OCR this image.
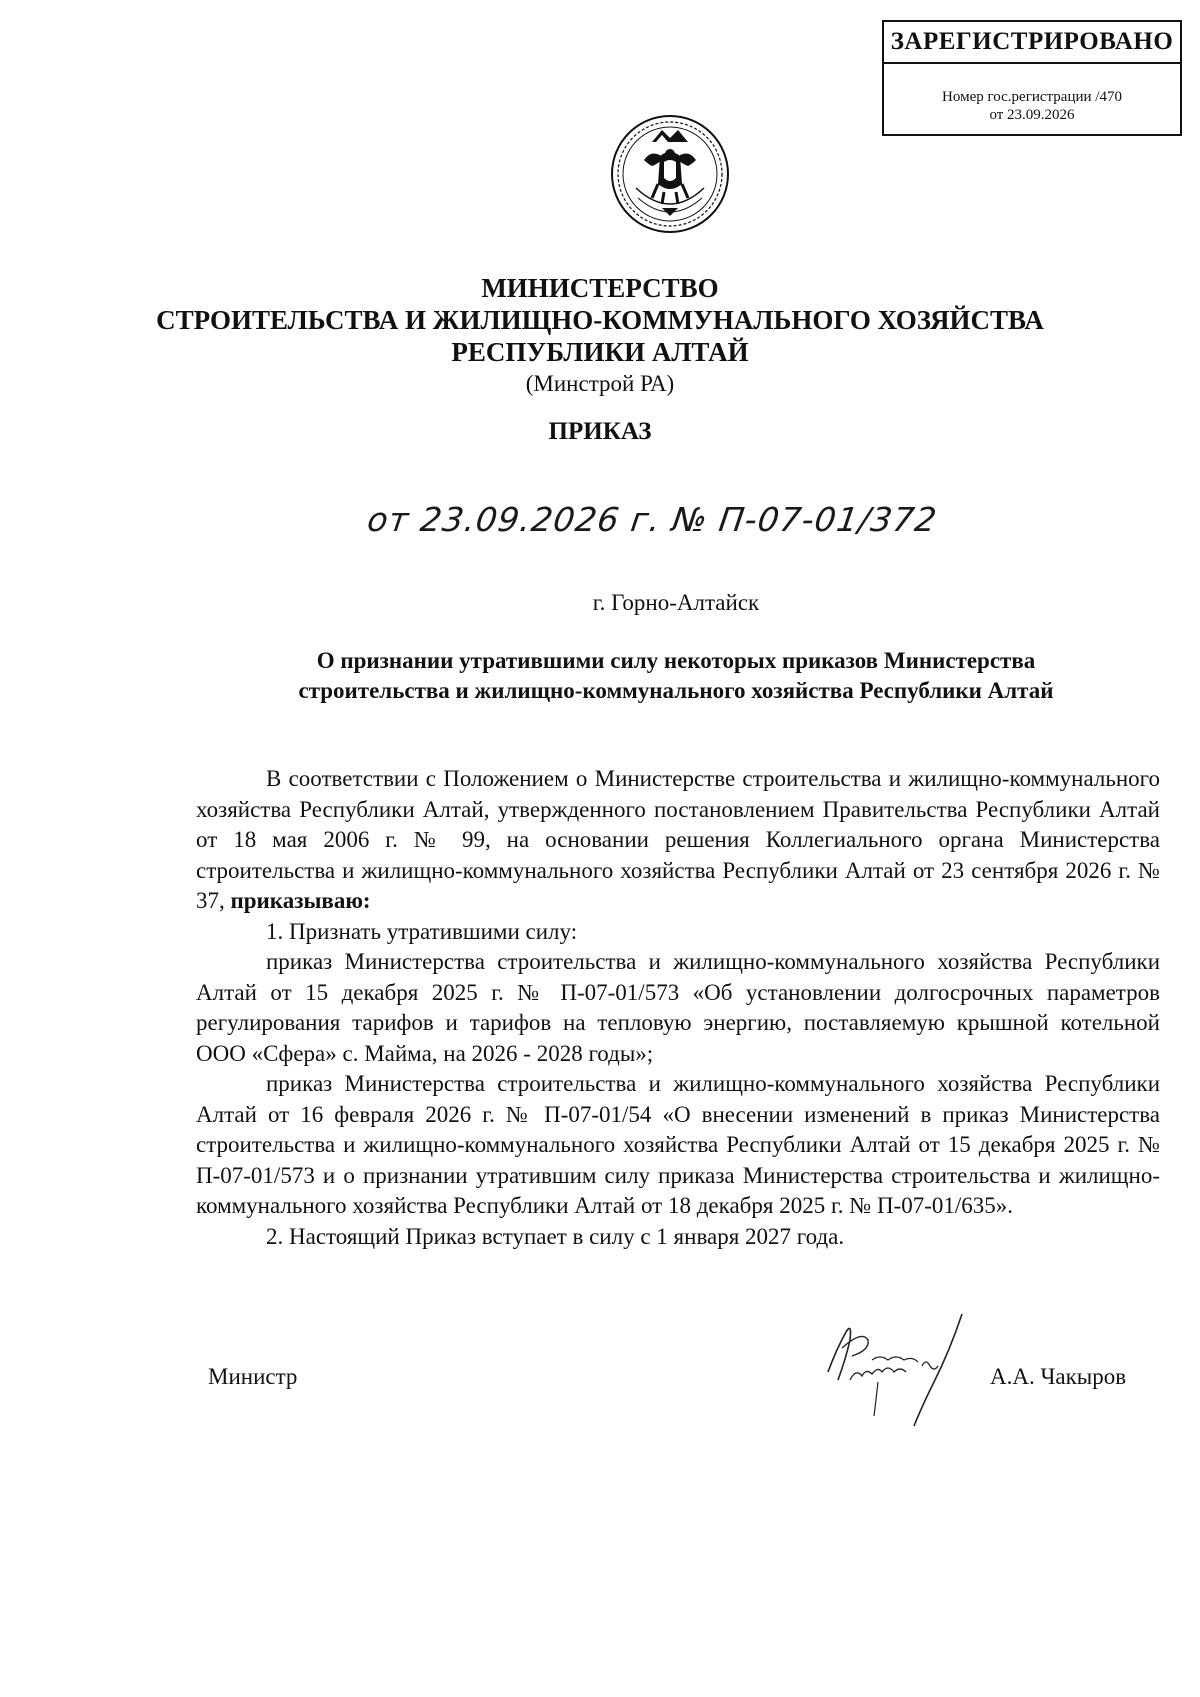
ЗАРЕГИСТРИРОВАНО
Номер гос.регистрации /470
от 23.09.2026
МИНИСТЕРСТВО
СТРОИТЕЛЬСТВА И ЖИЛИЩНО-КОММУНАЛЬНОГО ХОЗЯЙСТВА
РЕСПУБЛИКИ АЛТАЙ
(Минстрой РА)
ПРИКАЗ
от 23.09.2026 г. № П-07-01/372
г. Горно-Алтайск
О признании утратившими силу некоторых приказов Министерства
строительства и жилищно-коммунального хозяйства Республики Алтай

В соответствии с Положением о Министерстве строительства и жилищно-коммунального хозяйства Республики Алтай, утвержденного постановлением Правительства Республики Алтай от 18 мая 2006 г. № 99, на основании решения Коллегиального органа Министерства строительства и жилищно-коммунального хозяйства Республики Алтай от 23 сентября 2026 г. № 37, приказываю:

1. Признать утратившими силу:

приказ Министерства строительства и жилищно-коммунального хозяйства Республики Алтай от 15 декабря 2025 г. № П-07-01/573 «Об установлении долгосрочных параметров регулирования тарифов и тарифов на тепловую энергию, поставляемую крышной котельной ООО «Сфера» с. Майма, на 2026 - 2028 годы»;

приказ Министерства строительства и жилищно-коммунального хозяйства Республики Алтай от 16 февраля 2026 г. № П-07-01/54 «О внесении изменений в приказ Министерства строительства и жилищно-коммунального хозяйства Республики Алтай от 15 декабря 2025 г. № П-07-01/573 и о признании утратившим силу приказа Министерства строительства и жилищно-коммунального хозяйства Республики Алтай от 18 декабря 2025 г. № П-07-01/635».

2. Настоящий Приказ вступает в силу с 1 января 2027 года.

Министр	А.А. Чакыров
